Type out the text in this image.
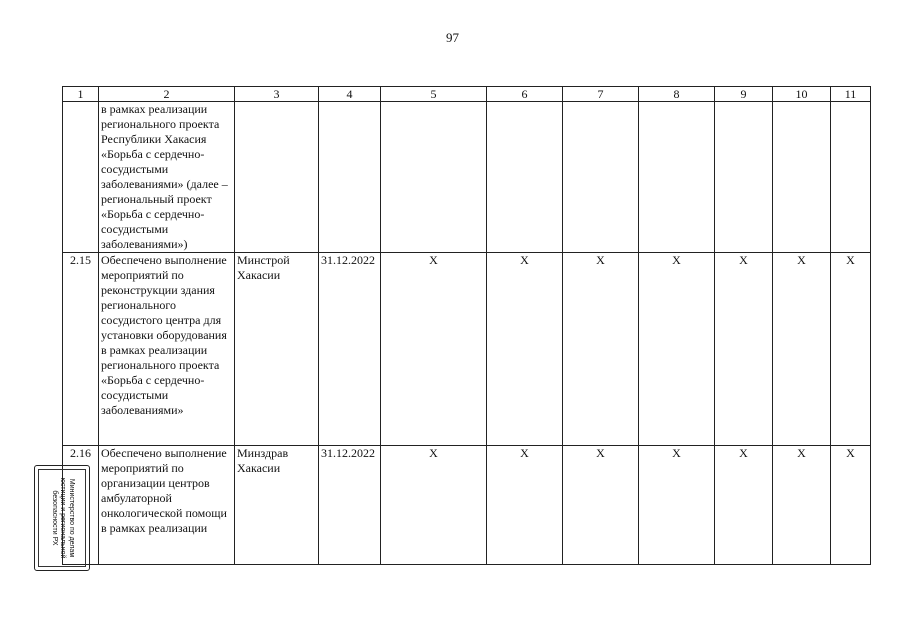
97
1	2	3	4	5	6	7	8	9	10	11
	в рамках реализации регионального проекта Республики Хакасия «Борьба с сердечно-сосудистыми заболеваниями» (далее – региональный проект «Борьба с сердечно-сосудистыми заболеваниями»)									
2.15	Обеспечено выполнение мероприятий по реконструкции здания регионального сосудистого центра для установки оборудования в рамках реализации регионального проекта «Борьба с сердечно-сосудистыми заболеваниями»	Минстрой Хакасии	31.12.2022	Х	Х	Х	Х	Х	Х	Х
2.16	Обеспечено выполнение мероприятий по организации центров амбулаторной онкологической помощи в рамках реализации	Минздрав Хакасии	31.12.2022	Х	Х	Х	Х	Х	Х	Х
Министерство по делам
юстиции и региональной
безопасности РХ
